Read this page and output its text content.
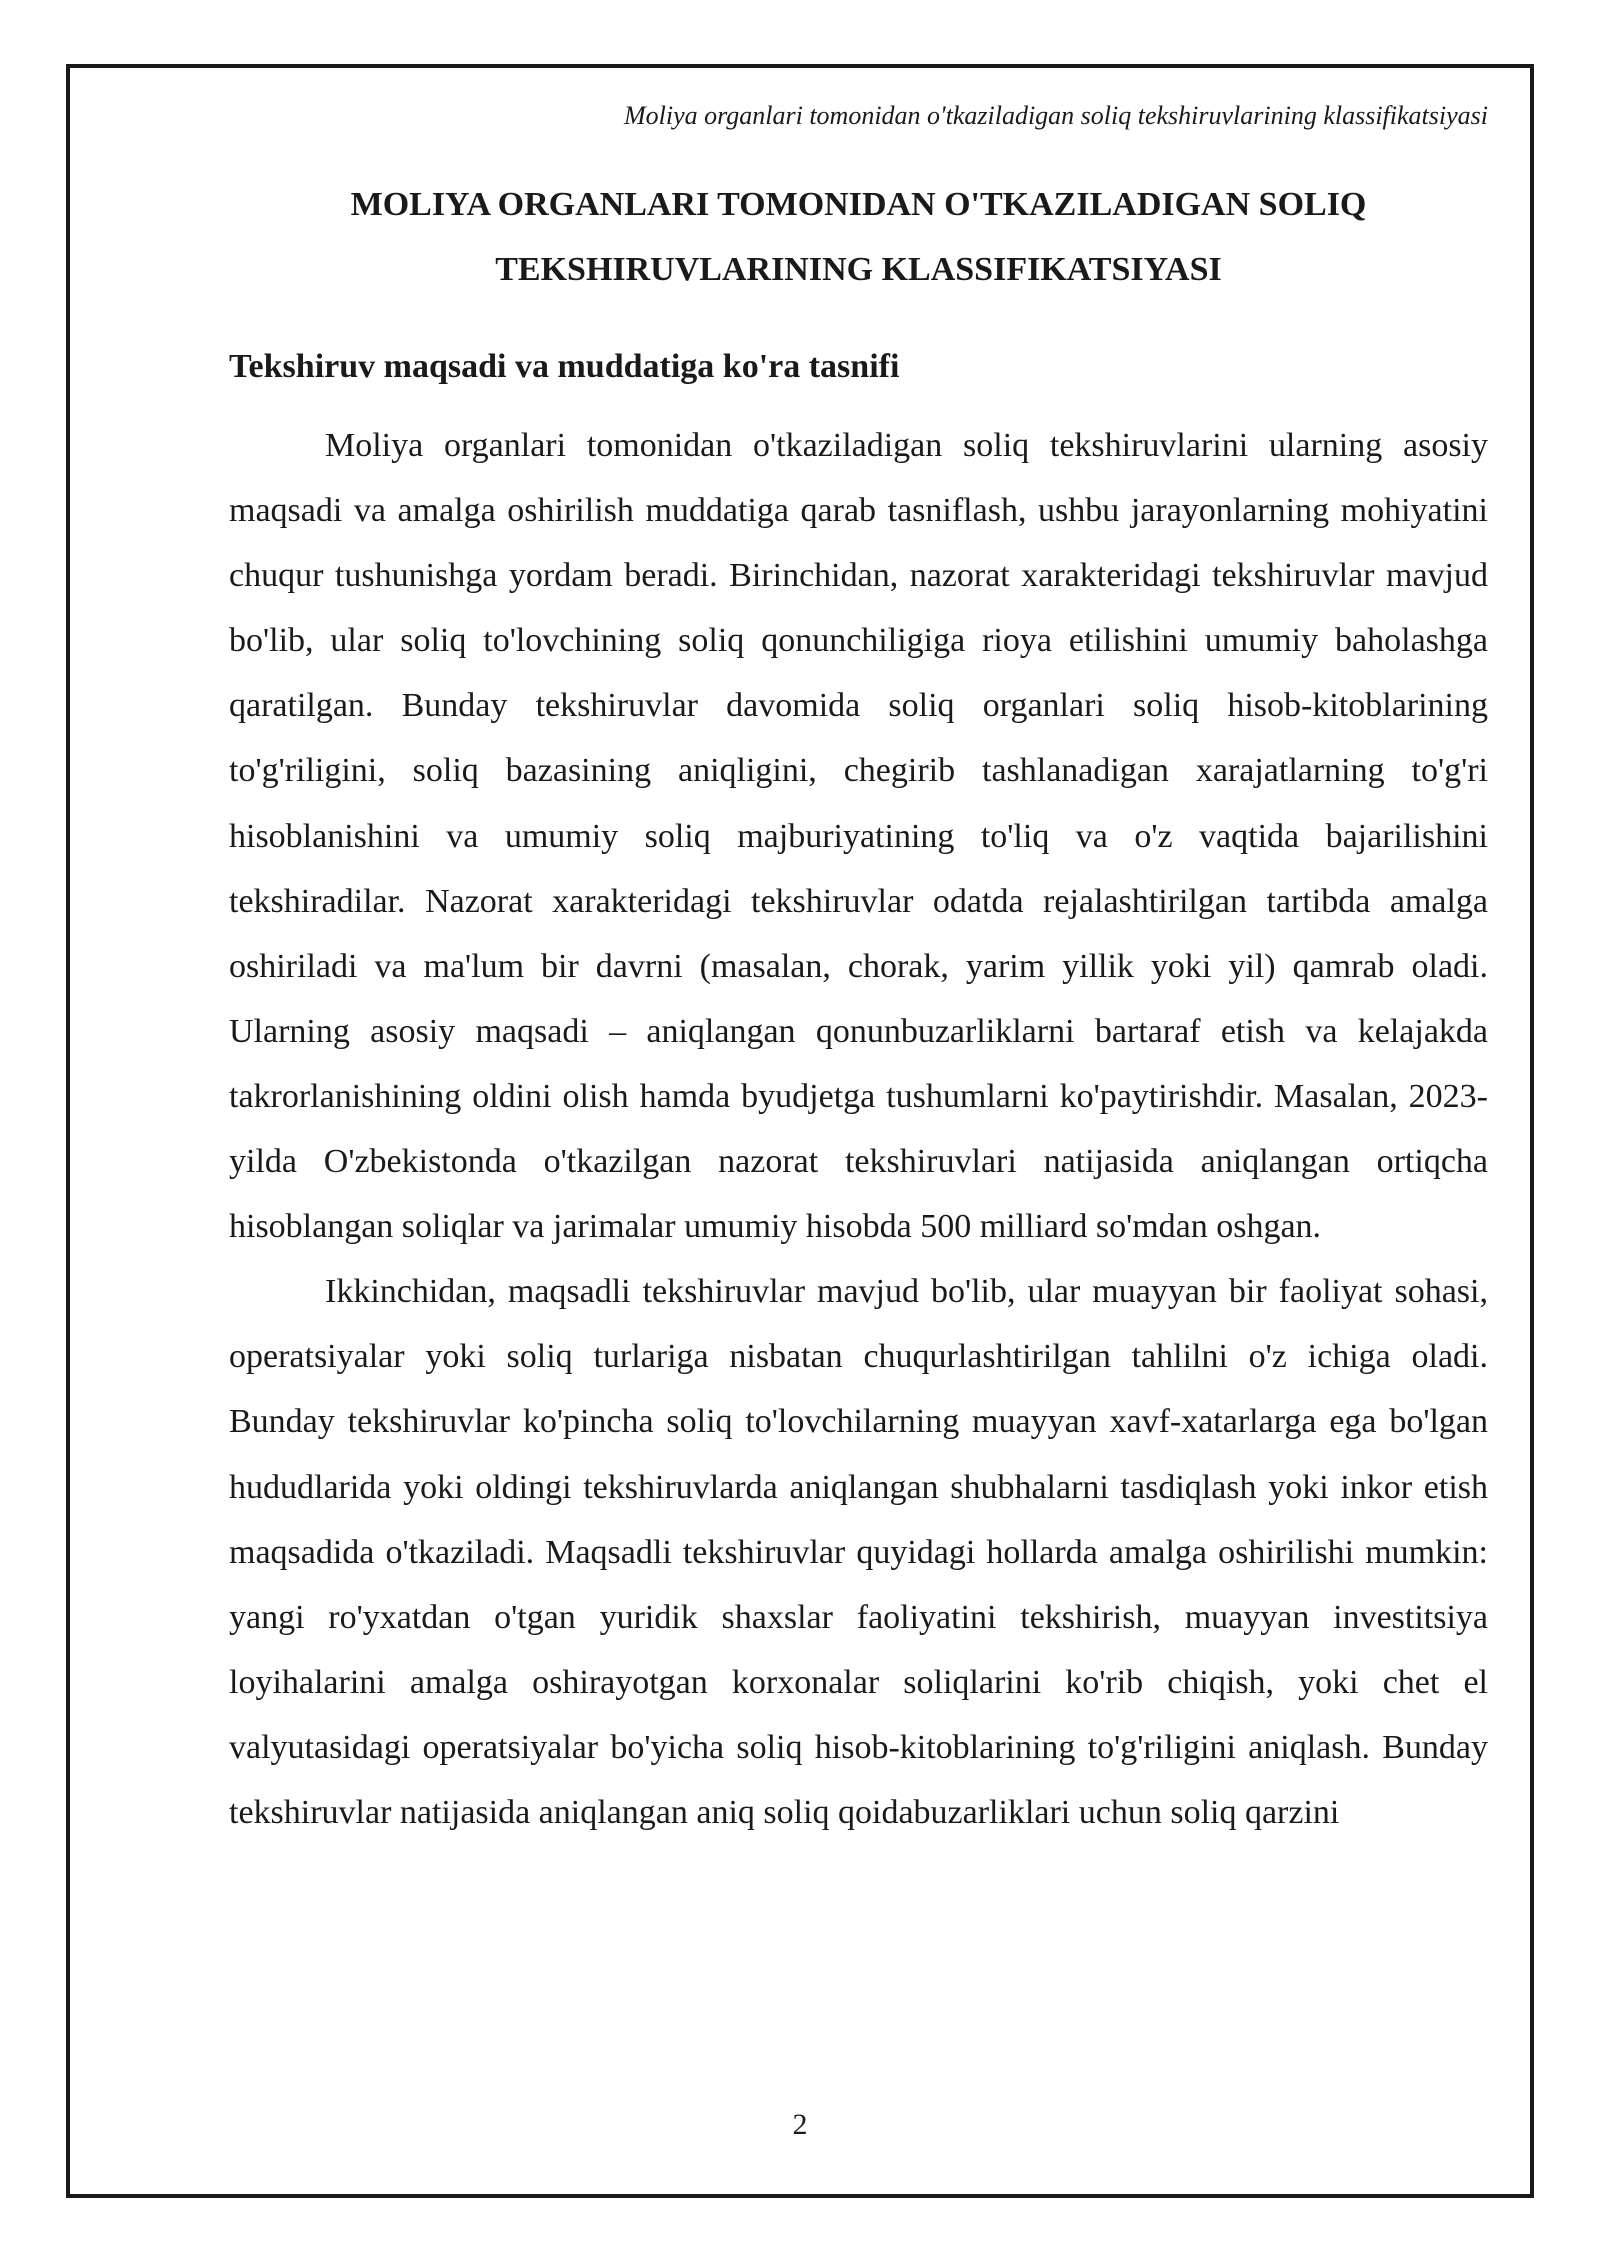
Moliya organlari tomonidan o'tkaziladigan soliq tekshiruvlarining klassifikatsiyasi

MOLIYA ORGANLARI TOMONIDAN O'TKAZILADIGAN SOLIQ
TEKSHIRUVLARINING KLASSIFIKATSIYASI
Tekshiruv maqsadi va muddatiga ko'ra tasnifi

Moliya organlari tomonidan o'tkaziladigan soliq tekshiruvlarini ularning asosiy maqsadi va amalga oshirilish muddatiga qarab tasniflash, ushbu jarayonlarning mohiyatini chuqur tushunishga yordam beradi. Birinchidan, nazorat xarakteridagi tekshiruvlar mavjud bo'lib, ular soliq to'lovchining soliq qonunchiligiga rioya etilishini umumiy baholashga qaratilgan. Bunday tekshiruvlar davomida soliq organlari soliq hisob-kitoblarining to'g'riligini, soliq bazasining aniqligini, chegirib tashlanadigan xarajatlarning to'g'ri hisoblanishini va umumiy soliq majburiyatining to'liq va o'z vaqtida bajarilishini tekshiradilar. Nazorat xarakteridagi tekshiruvlar odatda rejalashtirilgan tartibda amalga oshiriladi va ma'lum bir davrni (masalan, chorak, yarim yillik yoki yil) qamrab oladi. Ularning asosiy maqsadi – aniqlangan qonunbuzarliklarni bartaraf etish va kelajakda takrorlanishining oldini olish hamda byudjetga tushumlarni ko'paytirishdir. Masalan, 2023-yilda O'zbekistonda o'tkazilgan nazorat tekshiruvlari natijasida aniqlangan ortiqcha hisoblangan soliqlar va jarimalar umumiy hisobda 500 milliard so'mdan oshgan.

Ikkinchidan, maqsadli tekshiruvlar mavjud bo'lib, ular muayyan bir faoliyat sohasi, operatsiyalar yoki soliq turlariga nisbatan chuqurlashtirilgan tahlilni o'z ichiga oladi. Bunday tekshiruvlar ko'pincha soliq to'lovchilarning muayyan xavf-xatarlarga ega bo'lgan hududlarida yoki oldingi tekshiruvlarda aniqlangan shubhalarni tasdiqlash yoki inkor etish maqsadida o'tkaziladi. Maqsadli tekshiruvlar quyidagi hollarda amalga oshirilishi mumkin: yangi ro'yxatdan o'tgan yuridik shaxslar faoliyatini tekshirish, muayyan investitsiya loyihalarini amalga oshirayotgan korxonalar soliqlarini ko'rib chiqish, yoki chet el valyutasidagi operatsiyalar bo'yicha soliq hisob-kitoblarining to'g'riligini aniqlash. Bunday tekshiruvlar natijasida aniqlangan aniq soliq qoidabuzarliklari uchun soliq qarzini

2
